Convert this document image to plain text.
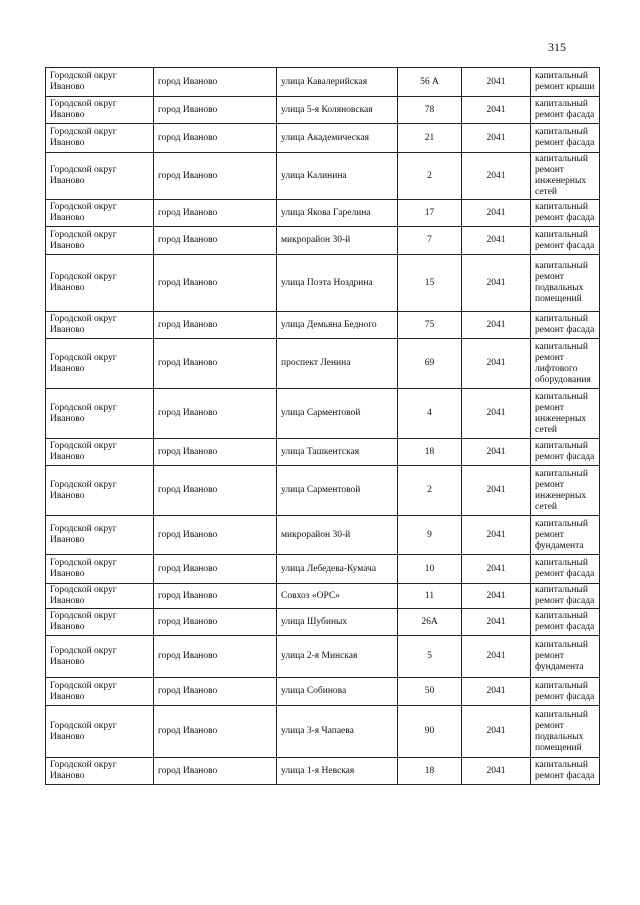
315
Городской округ Иваново	город Иваново	улица Кавалерийская	56 А	2041	капитальный ремонт крыши
Городской округ Иваново	город Иваново	улица 5-я Коляновская	78	2041	капитальный ремонт фасада
Городской округ Иваново	город Иваново	улица Академическая	21	2041	капитальный ремонт фасада
Городской округ Иваново	город Иваново	улица Калинина	2	2041	капитальный ремонт инженерных сетей
Городской округ Иваново	город Иваново	улица Якова Гарелина	17	2041	капитальный ремонт фасада
Городской округ Иваново	город Иваново	микрорайон 30-й	7	2041	капитальный ремонт фасада
Городской округ Иваново	город Иваново	улица Поэта Ноздрина	15	2041	капитальный ремонт подвальных помещений
Городской округ Иваново	город Иваново	улица Демьяна Бедного	75	2041	капитальный ремонт фасада
Городской округ Иваново	город Иваново	проспект Ленина	69	2041	капитальный ремонт лифтового оборудования
Городской округ Иваново	город Иваново	улица Сарментовой	4	2041	капитальный ремонт инженерных сетей
Городской округ Иваново	город Иваново	улица Ташкентская	18	2041	капитальный ремонт фасада
Городской округ Иваново	город Иваново	улица Сарментовой	2	2041	капитальный ремонт инженерных сетей
Городской округ Иваново	город Иваново	микрорайон 30-й	9	2041	капитальный ремонт фундамента
Городской округ Иваново	город Иваново	улица Лебедева-Кумача	10	2041	капитальный ремонт фасада
Городской округ Иваново	город Иваново	Совхоз «ОРС»	11	2041	капитальный ремонт фасада
Городской округ Иваново	город Иваново	улица Шубиных	26А	2041	капитальный ремонт фасада
Городской округ Иваново	город Иваново	улица 2-я Минская	5	2041	капитальный ремонт фундамента
Городской округ Иваново	город Иваново	улица Собинова	50	2041	капитальный ремонт фасада
Городской округ Иваново	город Иваново	улица 3-я Чапаева	90	2041	капитальный ремонт подвальных помещений
Городской округ Иваново	город Иваново	улица 1-я Невская	18	2041	капитальный ремонт фасада
